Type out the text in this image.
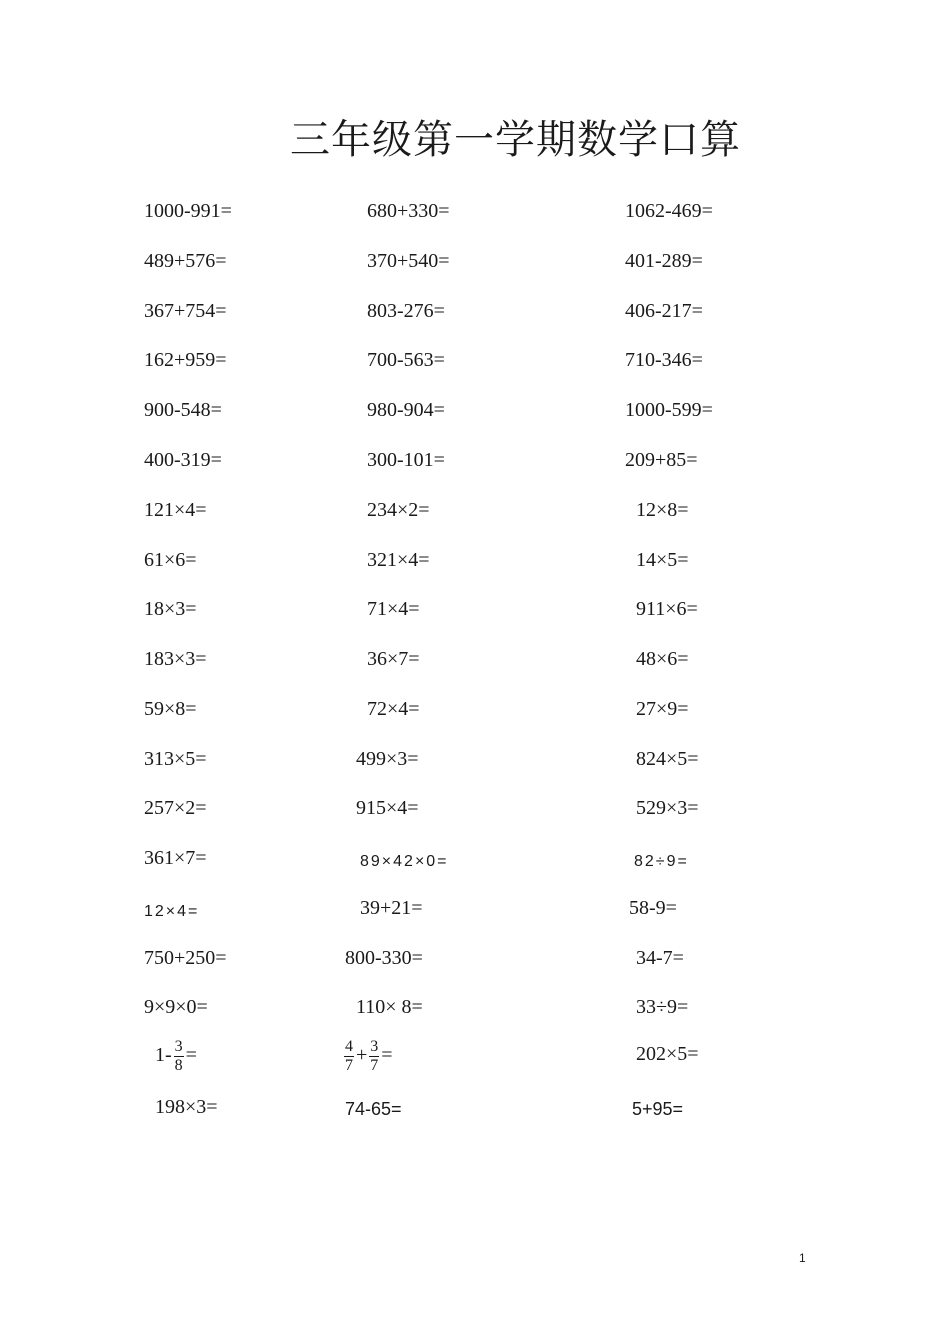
三年级第一学期数学口算
1000-991=	680+330=	1062-469=
489+576=	370+540=	401-289=
367+754=	803-276=	406-217=
162+959=	700-563=	710-346=
900-548=	980-904=	1000-599=
400-319=	300-101=	209+85=
121×4=	234×2=	12×8=
61×6=	321×4=	14×5=
18×3=	71×4=	911×6=
183×3=	36×7=	48×6=
59×8=	72×4=	27×9=
313×5=	499×3=	824×5=
257×2=	915×4=	529×3=
361×7=	89×42×0=	82÷9=
12×4=	39+21=	58-9=
750+250=	800-330=	34-7=
9×9×0=	110× 8=	33÷9=
$1- \frac{3}{8}$ =	$\frac{4}{7} + \frac{3}{7}$ =	202×5=
198×3=	74-65=	5+95=
1
